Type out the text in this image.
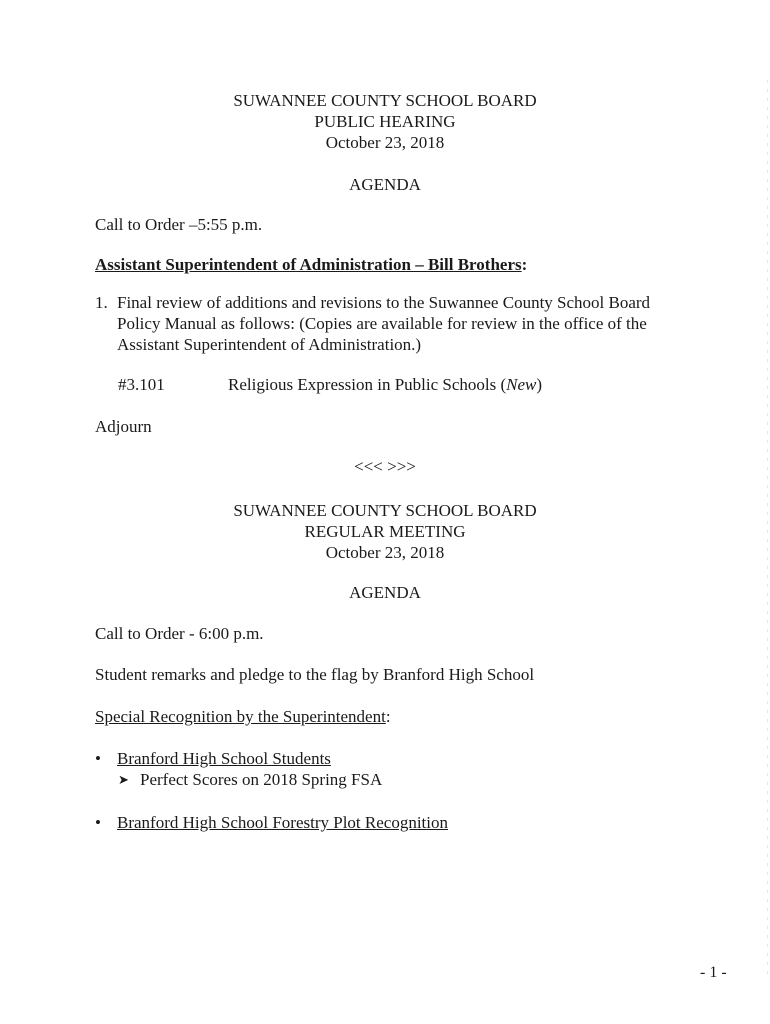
SUWANNEE COUNTY SCHOOL BOARD
PUBLIC HEARING
October 23, 2018
AGENDA
Call to Order –5:55 p.m.
Assistant Superintendent of Administration – Bill Brothers:
1. Final review of additions and revisions to the Suwannee County School Board Policy Manual as follows: (Copies are available for review in the office of the Assistant Superintendent of Administration.)
#3.101	Religious Expression in Public Schools (New)
Adjourn
<<< >>>
SUWANNEE COUNTY SCHOOL BOARD
REGULAR MEETING
October 23, 2018
AGENDA
Call to Order - 6:00 p.m.
Student remarks and pledge to the flag by Branford High School
Special Recognition by the Superintendent:
• Branford High School Students
➤ Perfect Scores on 2018 Spring FSA
• Branford High School Forestry Plot Recognition
- 1 -
